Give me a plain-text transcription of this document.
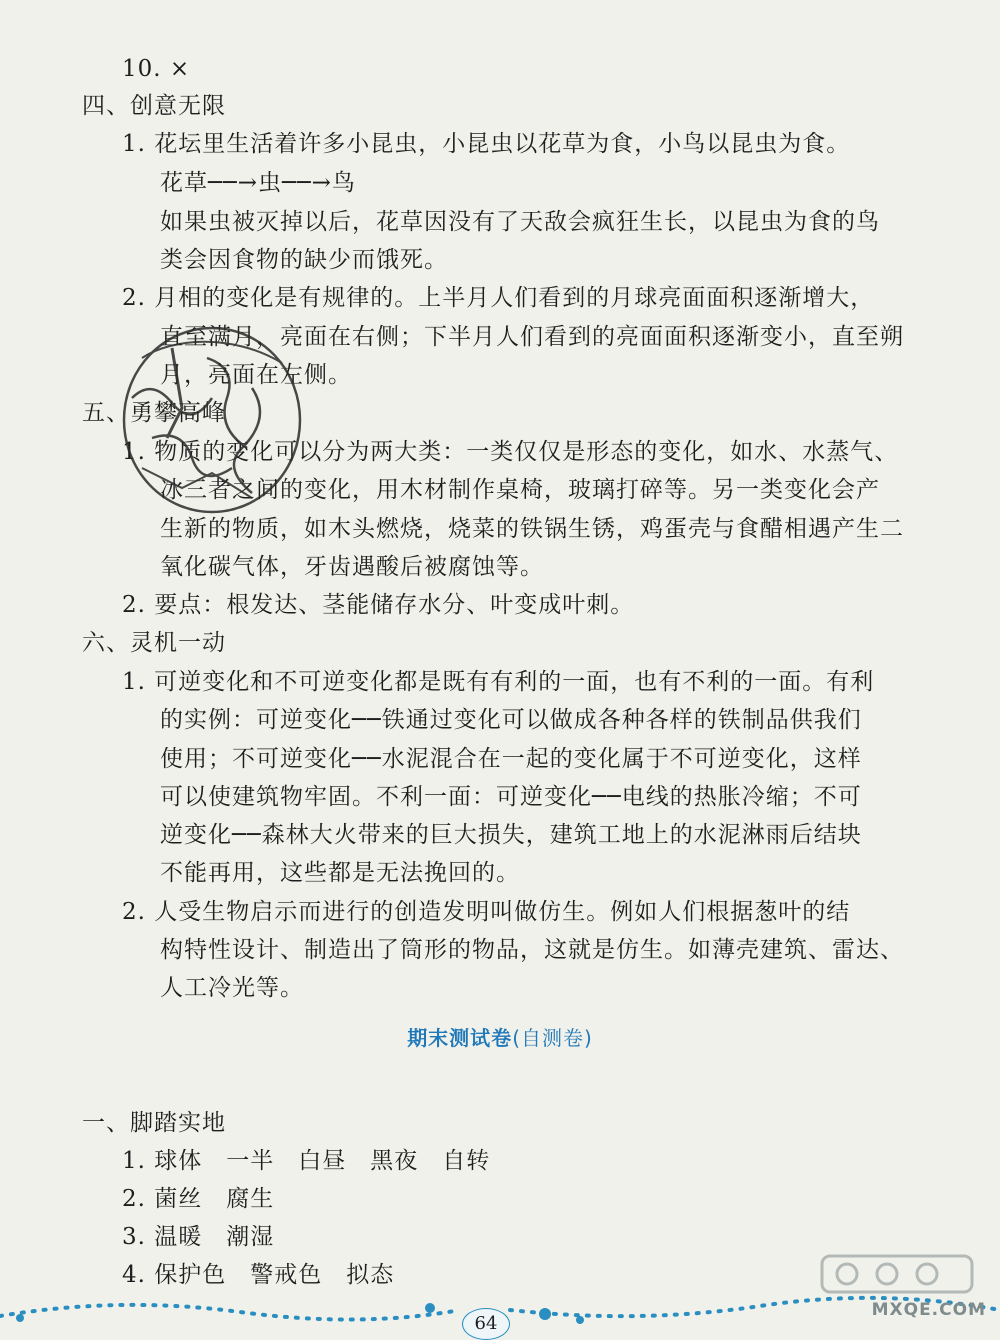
10. ×
四、创意无限
1. 花坛里生活着许多小昆虫，小昆虫以花草为食，小鸟以昆虫为食。
花草──→虫──→鸟
如果虫被灭掉以后，花草因没有了天敌会疯狂生长，以昆虫为食的鸟
类会因食物的缺少而饿死。
2. 月相的变化是有规律的。上半月人们看到的月球亮面面积逐渐增大，
直至满月，亮面在右侧；下半月人们看到的亮面面积逐渐变小，直至朔
月，亮面在左侧。
五、勇攀高峰
1. 物质的变化可以分为两大类：一类仅仅是形态的变化，如水、水蒸气、
冰三者之间的变化，用木材制作桌椅，玻璃打碎等。另一类变化会产
生新的物质，如木头燃烧，烧菜的铁锅生锈，鸡蛋壳与食醋相遇产生二
氧化碳气体，牙齿遇酸后被腐蚀等。
2. 要点：根发达、茎能储存水分、叶变成叶刺。
六、灵机一动
1. 可逆变化和不可逆变化都是既有有利的一面，也有不利的一面。有利
的实例：可逆变化──铁通过变化可以做成各种各样的铁制品供我们
使用；不可逆变化──水泥混合在一起的变化属于不可逆变化，这样
可以使建筑物牢固。不利一面：可逆变化──电线的热胀冷缩；不可
逆变化──森林大火带来的巨大损失，建筑工地上的水泥淋雨后结块
不能再用，这些都是无法挽回的。
2. 人受生物启示而进行的创造发明叫做仿生。例如人们根据葱叶的结
构特性设计、制造出了筒形的物品，这就是仿生。如薄壳建筑、雷达、
人工冷光等。
期末测试卷(自测卷)
一、脚踏实地
1. 球体　一半　白昼　黑夜　自转
2. 菌丝　腐生
3. 温暖　潮湿
4. 保护色　警戒色　拟态
64
MXQE.COM
